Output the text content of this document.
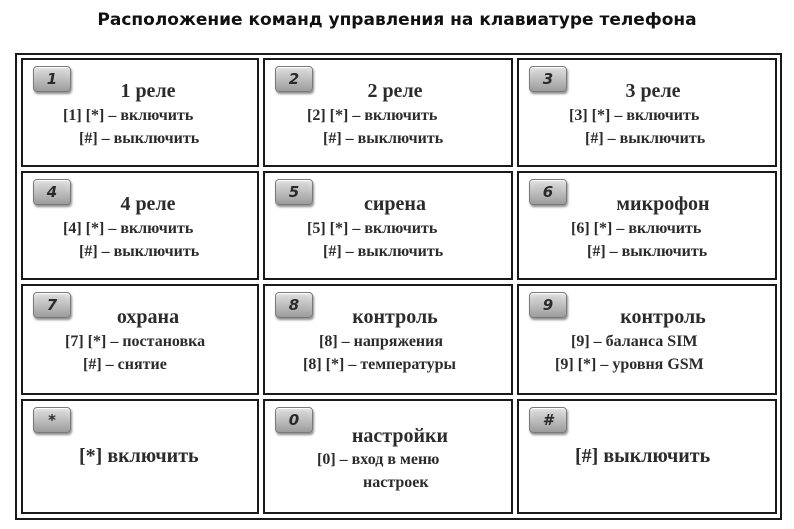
Расположение команд управления на клавиатуре телефона
1
1 реле
[1] [*] – включить
[#] – выключить
2
2 реле
[2] [*] – включить
[#] – выключить
3
3 реле
[3] [*] – включить
[#] – выключить
4
4 реле
[4] [*] – включить
[#] – выключить
5
сирена
[5] [*] – включить
[#] – выключить
6
микрофон
[6] [*] – включить
[#] – выключить
7
охрана
[7] [*] – постановка
[#] – снятие
8
контроль
[8] – напряжения
[8] [*] – температуры
9
контроль
[9] – баланса SIM
[9] [*] – уровня GSM
*
[*] включить
0
настройки
[0] – вход в меню
настроек
#
[#] выключить
